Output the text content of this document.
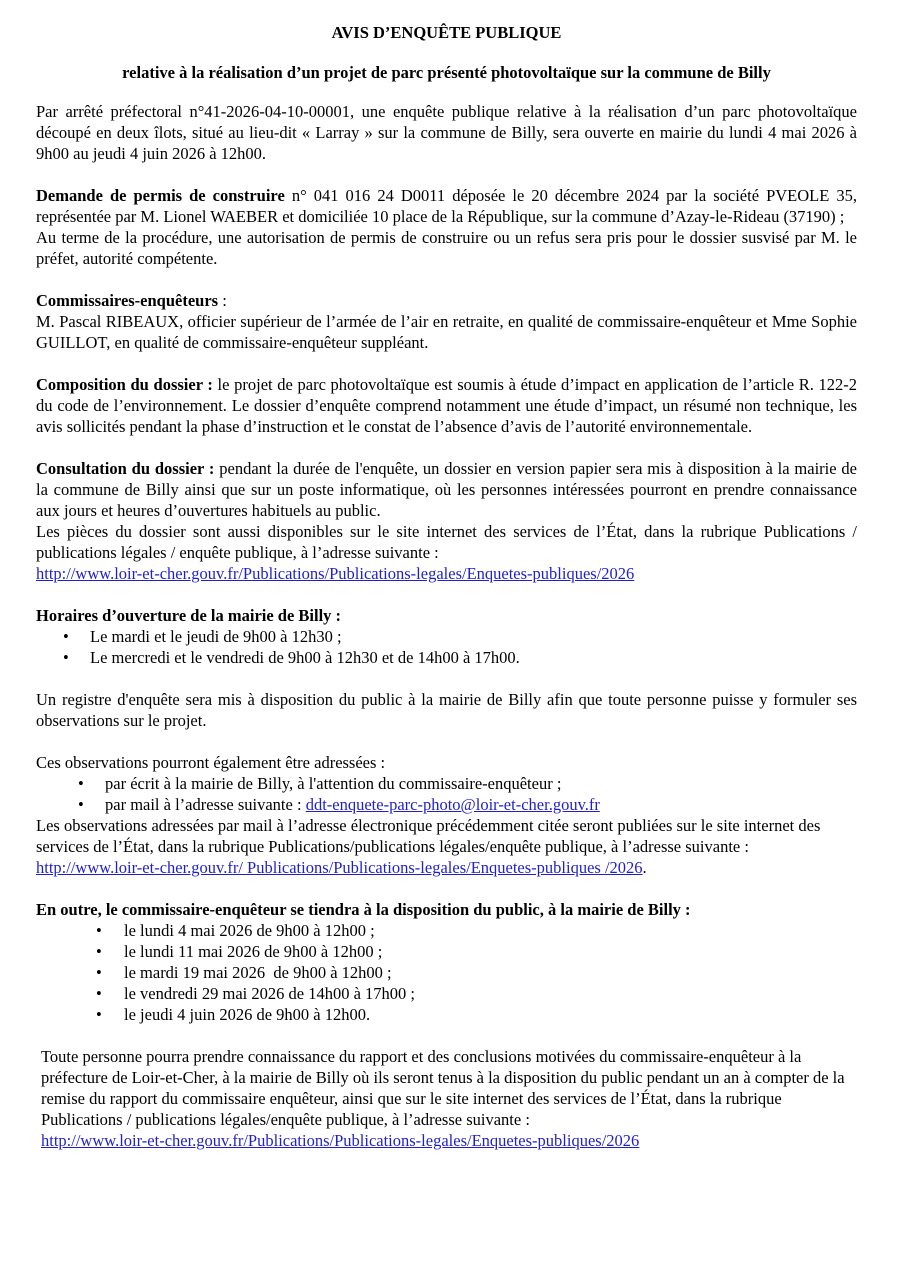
AVIS D’ENQUÊTE PUBLIQUE
relative à la réalisation d’un projet de parc présenté photovoltaïque sur la commune de Billy

Par arrêté préfectoral n°41-2026-04-10-00001, une enquête publique relative à la réalisation d’un parc photovoltaïque découpé en deux îlots, situé au lieu-dit « Larray » sur la commune de Billy, sera ouverte en mairie du lundi 4 mai 2026 à 9h00 au jeudi 4 juin 2026 à 12h00.

Demande de permis de construire n° 041 016 24 D0011 déposée le 20 décembre 2024 par la société PVEOLE 35, représentée par M. Lionel WAEBER et domiciliée 10 place de la République, sur la commune d’Azay-le-Rideau (37190) ;

Au terme de la procédure, une autorisation de permis de construire ou un refus sera pris pour le dossier susvisé par M. le préfet, autorité compétente.

Commissaires-enquêteurs :

M. Pascal RIBEAUX, officier supérieur de l’armée de l’air en retraite, en qualité de commissaire-enquêteur et Mme Sophie GUILLOT, en qualité de commissaire-enquêteur suppléant.

Composition du dossier : le projet de parc photovoltaïque est soumis à étude d’impact en application de l’article R. 122-2 du code de l’environnement. Le dossier d’enquête comprend notamment une étude d’impact, un résumé non technique, les avis sollicités pendant la phase d’instruction et le constat de l’absence d’avis de l’autorité environnementale.

Consultation du dossier : pendant la durée de l'enquête, un dossier en version papier sera mis à disposition à la mairie de la commune de Billy ainsi que sur un poste informatique, où les personnes intéressées pourront en prendre connaissance aux jours et heures d’ouvertures habituels au public.

Les pièces du dossier sont aussi disponibles sur le site internet des services de l’État, dans la rubrique Publications / publications légales / enquête publique, à l’adresse suivante :

http://www.loir-et-cher.gouv.fr/Publications/Publications-legales/Enquetes-publiques/2026

Horaires d’ouverture de la mairie de Billy :

• Le mardi et le jeudi de 9h00 à 12h30 ;
• Le mercredi et le vendredi de 9h00 à 12h30 et de 14h00 à 17h00.

Un registre d'enquête sera mis à disposition du public à la mairie de Billy afin que toute personne puisse y formuler ses observations sur le projet.

Ces observations pourront également être adressées :

• par écrit à la mairie de Billy, à l'attention du commissaire-enquêteur ;
• par mail à l’adresse suivante : ddt-enquete-parc-photo@loir-et-cher.gouv.fr

Les observations adressées par mail à l’adresse électronique précédemment citée seront publiées sur le site internet des services de l’État, dans la rubrique Publications/publications légales/enquête publique, à l’adresse suivante : http://www.loir-et-cher.gouv.fr/ Publications/Publications-legales/Enquetes-publiques /2026.

En outre, le commissaire-enquêteur se tiendra à la disposition du public, à la mairie de Billy :

• le lundi 4 mai 2026 de 9h00 à 12h00 ;
• le lundi 11 mai 2026 de 9h00 à 12h00 ;
• le mardi 19 mai 2026  de 9h00 à 12h00 ;
• le vendredi 29 mai 2026 de 14h00 à 17h00 ;
• le jeudi 4 juin 2026 de 9h00 à 12h00.

Toute personne pourra prendre connaissance du rapport et des conclusions motivées du commissaire-enquêteur à la préfecture de Loir-et-Cher, à la mairie de Billy où ils seront tenus à la disposition du public pendant un an à compter de la remise du rapport du commissaire enquêteur, ainsi que sur le site internet des services de l’État, dans la rubrique Publications / publications légales/enquête publique, à l’adresse suivante :

http://www.loir-et-cher.gouv.fr/Publications/Publications-legales/Enquetes-publiques/2026
